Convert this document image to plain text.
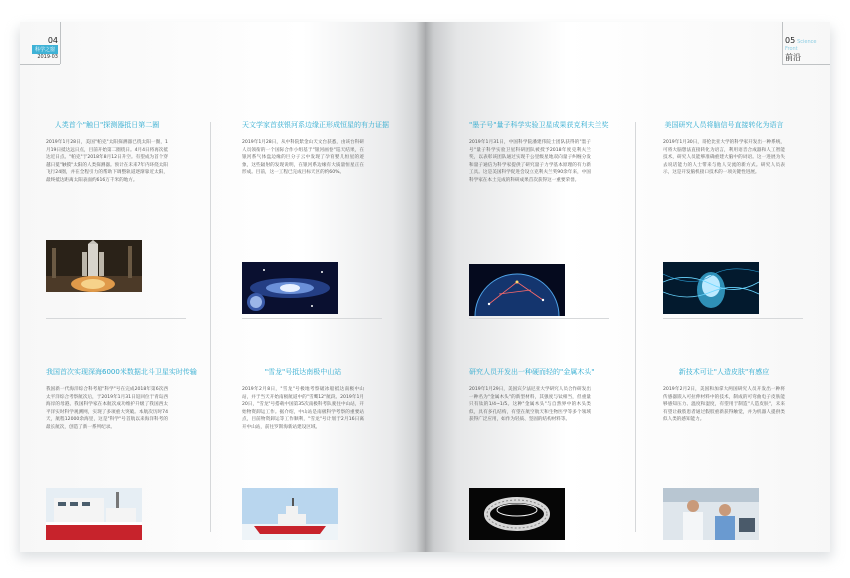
04
科学之窗
2019·03
人类首个"触日"探测器抵日第二圈
2019年1月28日，美国"帕克"太阳探测器已绕太阳一圈，1月19日抵达远日点，目前开始第二圈绕日。4月4日将再次抵达近日点。"帕克"于2018年8月12日升空。有望成为首个穿越日冕"触摸"太阳的人类探测器。预计在未来7年内环绕太阳飞行24圈，并在全程引力的帮助下调整轨道逐渐靠近太阳，最终抵达距离太阳表面约616万千米的地方。
天文学家首获银河系边缘正形成恒星的有力证据
2019年1月28日，从中科院紫金山天文台获悉，由该台科研人员领衔的一个国际合作小组基于"银河画卷"巡天结果，在银河系气体盘边缘的巨分子云中发现了孕育婴儿恒星的迹象，这些辐射的发现说明，在银河系边缘有大质量恒星正在形成。目前，这一工程已完成目标天区的约60%。
我国首次实现深海6000米数据北斗卫星实时传输
我国新一代海洋综合科考船"科学"号在完成2018年第6次西太平洋综合考察航次后，于2019年1月31日返回位于青岛西海岸的母港。我国科学家在本航次成功维护升级了我国西太平洋实时科学观测网，实现了多项重大突破。本航次历时74天，航程12000余海里，这是"科学"号首航以来海洋科考的最长航次，创造了新一系列纪录。
"雪龙"号抵达南极中山站
2019年2月8日，"雪龙"号极地考察破冰船抵达南极中山站，并于当天开始南极航道中的"雪鹰12"航段。2019年1月20日，"雪龙"号搭载中国第35次南极科考队驶往中山站，开始物资卸运工作。据介绍，中山站是南极科学考察的重要站点，目前物资卸运等工作顺利，"雪龙"号计划于2月16日离开中山站，前往罗斯海新站建设区域。
05 Science Front
前沿
"墨子号"量子科学实验卫星成果获克利夫兰奖
2019年1月31日，中国科学院潘建伟院士团队获得的"墨子号"量子科学实验卫星科研团队被授予2018年度克利夫兰奖，以表彰该团队通过实现千公里级星地双向量子纠缠分发和量子通信为科学家提供了研究量子力学基本原理的有力新工具。这是美国科学促进会设立克利夫兰奖90余年来，中国科学家在本土完成的科研成果首次获得这一重要荣誉。
美国研究人员将脑信号直接转化为语言
2019年1月30日，哥伦比亚大学的科学家开发出一种系统，可将大脑想法直接转化为语言，利用语音合成器和人工智能技术，研究人员能够准确重建大脑中的词语。这一进展为失去说话能力的人士带来与他人交流的新方式。研究人员表示，这是开发脑机接口技术的一项关键性进展。
研究人员开发出一种硬而轻的"金属木头"
2019年1月29日，美国宾夕法尼亚大学研究人员合作研发出一种名为"金属木头"的新型材料，其强度与钛相当，但重量只有钛的1/4~1/5。这种"金属木头"与自然界中的木头类似，具有多孔结构，有望在航空航天和生物医学等多个领域获得广泛应用，如作为轻质、坚固的结构材料等。
新技术可让"人造皮肤"有感应
2019年2月2日，美国和加拿大两国研究人员开发出一种将传感器嵌入可拉伸材料中的技术，制成的可弯曲电子皮肤能够感知压力、温度和湿度，有望用于制造"人造皮肤"，未来有望让截肢患者通过假肢重新获得触觉，并为机器人提供类似人类的感知能力。
